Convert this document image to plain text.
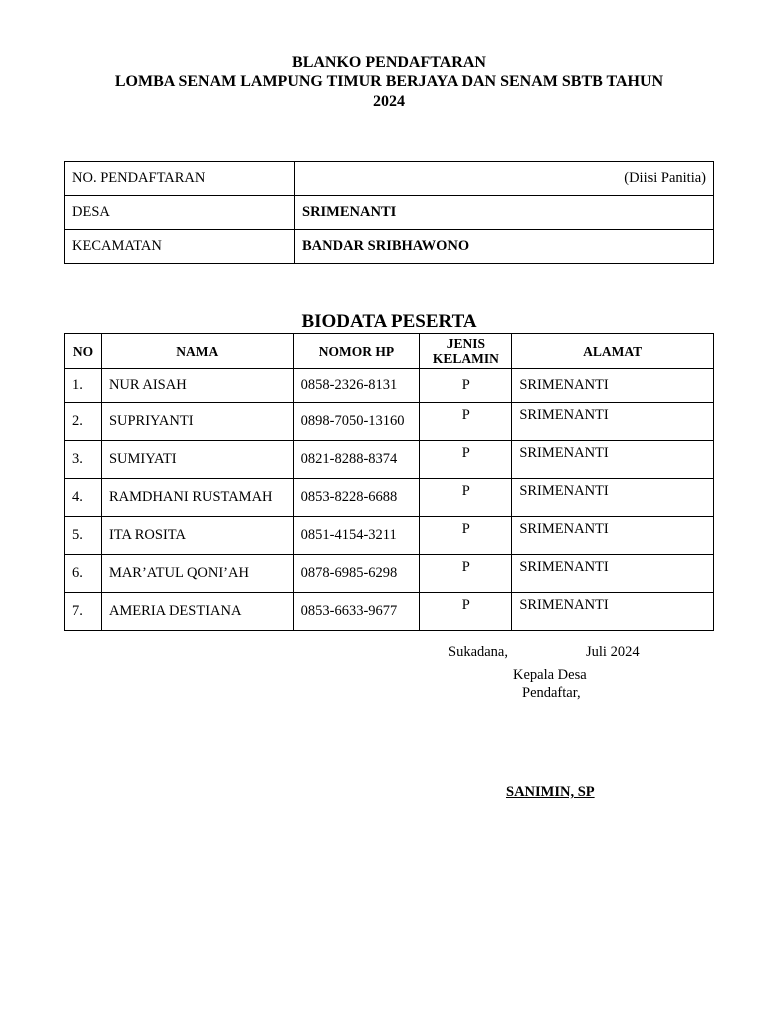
BLANKO PENDAFTARAN
LOMBA SENAM LAMPUNG TIMUR BERJAYA DAN SENAM SBTB TAHUN
2024
NO. PENDAFTARAN	(Diisi Panitia)
DESA	SRIMENANTI
KECAMATAN	BANDAR SRIBHAWONO
BIODATA PESERTA
NO	NAMA	NOMOR HP	JENIS KELAMIN	ALAMAT
1.	NUR AISAH	0858-2326-8131	P	SRIMENANTI
2.	SUPRIYANTI	0898-7050-13160	P	SRIMENANTI
3.	SUMIYATI	0821-8288-8374	P	SRIMENANTI
4.	RAMDHANI RUSTAMAH	0853-8228-6688	P	SRIMENANTI
5.	ITA ROSITA	0851-4154-3211	P	SRIMENANTI
6.	MAR’ATUL QONI’AH	0878-6985-6298	P	SRIMENANTI
7.	AMERIA DESTIANA	0853-6633-9677	P	SRIMENANTI
Sukadana,	Juli 2024
Kepala Desa
Pendaftar,
SANIMIN, SP
